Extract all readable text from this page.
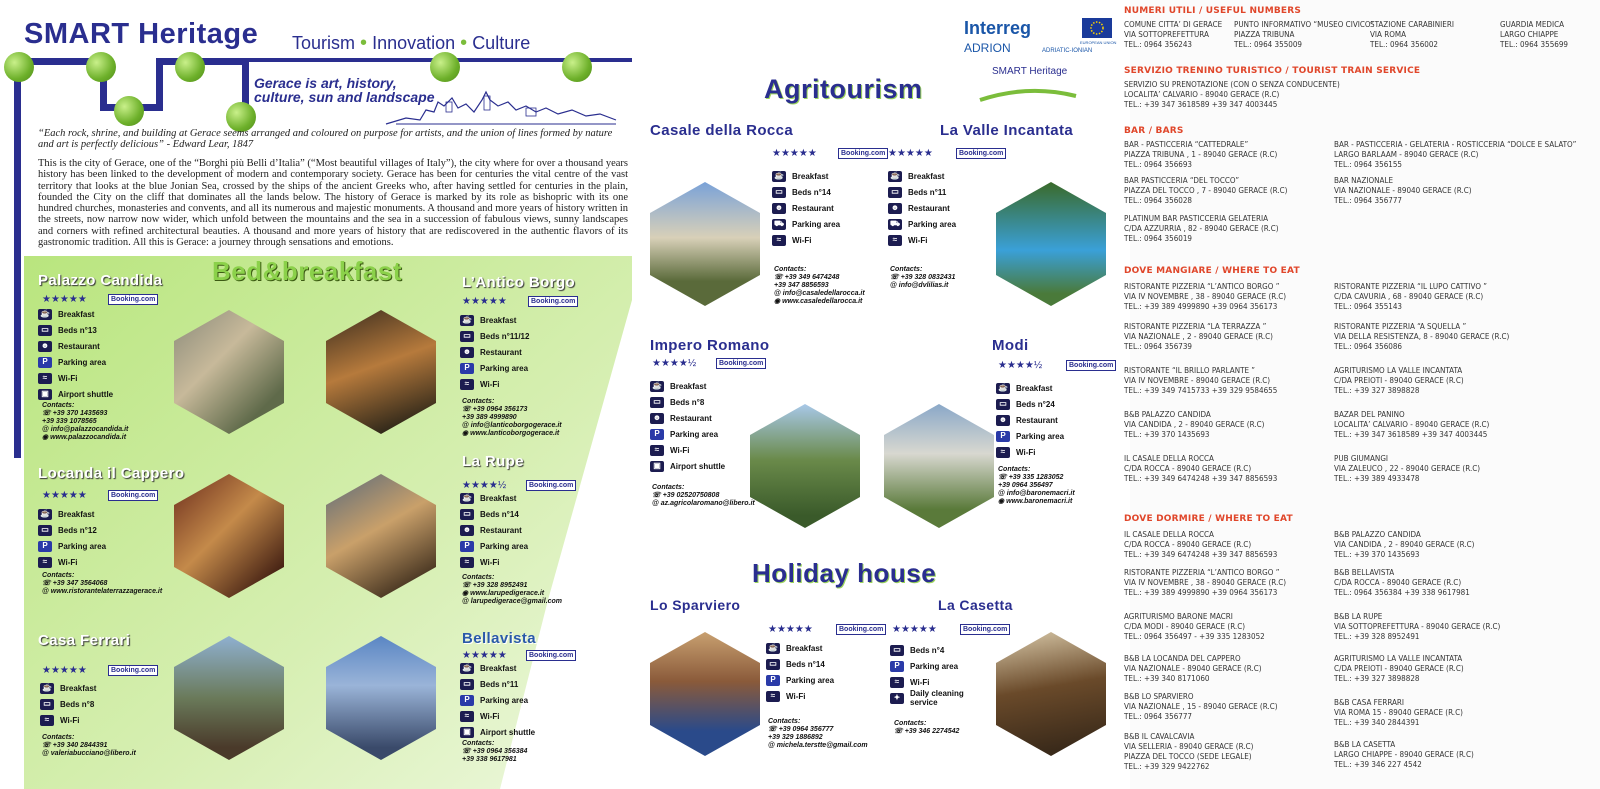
SMART Heritage Tourism • Innovation • Culture
Gerace is art, history, culture, sun and landscape
“Each rock, shrine, and building at Gerace seems arranged and coloured on purpose for artists, and the union of lines formed by nature and art is perfectly delicious” - Edward Lear, 1847
This is the city of Gerace, one of the “Borghi più Belli d’Italia” (“Most beautiful villages of Italy”), the city where for over a thousand years history has been linked to the development of modern and contemporary society. Gerace has been for centuries the vital centre of the vast territory that looks at the blue Jonian Sea, crossed by the ships of the ancient Greeks who, after having settled for centuries in the plain, founded the City on the cliff that dominates all the lands below. The history of Gerace is marked by its role as bishopric with its one hundred churches, monasteries and convents, and all its numerous and majestic monuments. A thousand and more years of history written in the streets, now narrow now wider, which unfold between the mountains and the sea in a succession of fabulous views, sunny landscapes and corners with refined architectural beauties. A thousand and more years of history that are rediscovered in the authentic flavors of its gastronomic tradition. All this is Gerace: a journey through sensations and emotions.
Bed&breakfast
Palazzo Candida
★★★★★	Booking.com
☕ Breakfast
▭	Beds n°13
☻	Restaurant
P	Parking area
≈	Wi-Fi
▣	Airport shuttle
Contacts:
☏ +39 370 1435693
+39 339 1078565
@ info@palazzocandida.it
◉ www.palazzocandida.it
Locanda il Cappero
★★★★★	Booking.com
☕ Breakfast
▭	Beds n°12
P	Parking area
≈	Wi-Fi
Contacts:
☏ +39 347 3564068
@ www.ristorantelaterrazzagerace.it
Casa Ferrari
★★★★★	Booking.com
☕ Breakfast
▭	Beds n°8
≈	Wi-Fi
Contacts:
☏ +39 340 2844391
@ valeriabucciano@libero.it
L’Antico Borgo
★★★★★	Booking.com
☕ Breakfast
▭	Beds n°11/12
☻	Restaurant
P	Parking area
≈	Wi-Fi
Contacts:
☏ +39 0964 356173
+39 389 4999890
@ info@lanticoborgogerace.it
◉ www.lanticoborgogerace.it
La Rupe
★★★★½	Booking.com
☕ Breakfast
▭	Beds n°14
☻	Restaurant
P	Parking area
≈	Wi-Fi
Contacts:
☏ +39 328 8952491
◉ www.larupedigerace.it
@ larupedigerace@gmail.com
Bellavista
★★★★★	Booking.com
☕ Breakfast
▭	Beds n°11
P	Parking area
≈	Wi-Fi
▣	Airport shuttle
Contacts:
☏ +39 0964 356384
+39 338 9617981
Interreg
ADRION	ADRIATIC-IONIAN
EUROPEAN UNION
SMART Heritage
Agritourism
Casale della Rocca
★★★★★	Booking.com
☕ Breakfast
▭	Beds n°14
☻	Restaurant
⛟ Parking area
≈	Wi-Fi
Contacts:
☏ +39 349 6474248
+39 347 8856593
@ info@casaledellarocca.it
◉ www.casaledellarocca.it
La Valle Incantata
★★★★★	Booking.com
☕ Breakfast
▭	Beds n°11
☻	Restaurant
⛟ Parking area
≈	Wi-Fi
Contacts:
☏ +39 328 0832431
@ info@dvlilias.it
Impero Romano
★★★★½	Booking.com
☕ Breakfast
▭	Beds n°8
☻	Restaurant
P	Parking area
≈	Wi-Fi
▣	Airport shuttle
Contacts:
☏ +39 02520750808
@ az.agricolaromano@libero.it
Modi
★★★★½	Booking.com
☕ Breakfast
▭	Beds n°24
☻	Restaurant
P	Parking area
≈	Wi-Fi
Contacts:
☏ +39 335 1283052
+39 0964 356497
@ info@baronemacri.it
◉ www.baronemacri.it
Holiday house
Lo Sparviero
★★★★★	Booking.com
☕ Breakfast
▭	Beds n°14
P	Parking area
≈	Wi-Fi
Contacts:
☏ +39 0964 356777
+39 329 1886892
@ michela.terstte@gmail.com
La Casetta
★★★★★	Booking.com
▭	Beds n°4
P	Parking area
≈	Wi-Fi
✦	Daily cleaning service
Contacts:
☏ +39 346 2274542
NUMERI UTILI / USEFUL NUMBERS
COMUNE CITTA’ DI GERACE
VIA SOTTOPREFETTURA
TEL.: 0964 356243
PUNTO INFORMATIVO “MUSEO CIVICO”
PIAZZA TRIBUNA
TEL.: 0964 355009
STAZIONE CARABINIERI
VIA ROMA
TEL.: 0964 356002
GUARDIA MEDICA
LARGO CHIAPPE
TEL.: 0964 355699
SERVIZIO TRENINO TURISTICO / TOURIST TRAIN SERVICE
SERVIZIO SU PRENOTAZIONE (CON O SENZA CONDUCENTE)
LOCALITA’ CALVARIO - 89040 GERACE (R.C)
TEL.: +39 347 3618589 +39 347 4003445
BAR / BARS
BAR - PASTICCERIA “CATTEDRALE”
PIAZZA TRIBUNA , 1 - 89040 GERACE (R.C)
TEL.: 0964 356693
BAR PASTICCERIA “DEL TOCCO”
PIAZZA DEL TOCCO , 7 - 89040 GERACE (R.C)
TEL.: 0964 356028
PLATINUM BAR PASTICCERIA GELATERIA
C/DA AZZURRIA , 82 - 89040 GERACE (R.C)
TEL.: 0964 356019
BAR - PASTICCERIA - GELATERIA - ROSTICCERIA “DOLCE E SALATO”
LARGO BARLAAM - 89040 GERACE (R.C)
TEL.: 0964 356155
BAR NAZIONALE
VIA NAZIONALE - 89040 GERACE (R.C)
TEL.: 0964 356777
DOVE MANGIARE / WHERE TO EAT
RISTORANTE PIZZERIA “L’ANTICO BORGO ”
VIA IV NOVEMBRE , 38 - 89040 GERACE (R.C)
TEL.: +39 389 4999890 +39 0964 356173
RISTORANTE PIZZERIA “LA TERRAZZA ”
VIA NAZIONALE , 2 - 89040 GERACE (R.C)
TEL.: 0964 356739
RISTORANTE “IL BRILLO PARLANTE ”
VIA IV NOVEMBRE - 89040 GERACE (R.C)
TEL.: +39 349 7415733 +39 329 9584655
B&B PALAZZO CANDIDA
VIA CANDIDA , 2 - 89040 GERACE (R.C)
TEL.: +39 370 1435693
IL CASALE DELLA ROCCA
C/DA ROCCA - 89040 GERACE (R.C)
TEL.: +39 349 6474248 +39 347 8856593
RISTORANTE PIZZERIA “IL LUPO CATTIVO ”
C/DA CAVURIA , 68 - 89040 GERACE (R.C)
TEL.: 0964 355143
RISTORANTE PIZZERIA “A SQUELLA ”
VIA DELLA RESISTENZA, 8 - 89040 GERACE (R.C)
TEL.: 0964 356086
AGRITURISMO LA VALLE INCANTATA
C/DA PREIOTI - 89040 GERACE (R.C)
TEL.: +39 327 3898828
BAZAR DEL PANINO
LOCALITA’ CALVARIO - 89040 GERACE (R.C)
TEL.: +39 347 3618589 +39 347 4003445
PUB GIUMANGI
VIA ZALEUCO , 22 - 89040 GERACE (R.C)
TEL.: +39 389 4933478
DOVE DORMIRE / WHERE TO EAT
IL CASALE DELLA ROCCA
C/DA ROCCA - 89040 GERACE (R.C)
TEL.: +39 349 6474248 +39 347 8856593
RISTORANTE PIZZERIA “L’ANTICO BORGO ”
VIA IV NOVEMBRE , 38 - 89040 GERACE (R.C)
TEL.: +39 389 4999890 +39 0964 356173
AGRITURISMO BARONE MACRI
C/DA MODI - 89040 GERACE (R.C)
TEL.: 0964 356497 - +39 335 1283052
B&B LA LOCANDA DEL CAPPERO
VIA NAZIONALE - 89040 GERACE (R.C)
TEL.: +39 340 8171060
B&B LO SPARVIERO
VIA NAZIONALE , 15 - 89040 GERACE (R.C)
TEL.: 0964 356777
B&B IL CAVALCAVIA
VIA SELLERIA - 89040 GERACE (R.C)
PIAZZA DEL TOCCO (SEDE LEGALE)
TEL.: +39 329 9422762
B&B PALAZZO CANDIDA
VIA CANDIDA , 2 - 89040 GERACE (R.C)
TEL.: +39 370 1435693
B&B BELLAVISTA
C/DA ROCCA - 89040 GERACE (R.C)
TEL.: 0964 356384 +39 338 9617981
B&B LA RUPE
VIA SOTTOPREFETTURA - 89040 GERACE (R.C)
TEL.: +39 328 8952491
AGRITURISMO LA VALLE INCANTATA
C/DA PREIOTI - 89040 GERACE (R.C)
TEL.: +39 327 3898828
B&B CASA FERRARI
VIA ROMA 15 - 89040 GERACE (R.C)
TEL.: +39 340 2844391
B&B LA CASETTA
LARGO CHIAPPE - 89040 GERACE (R.C)
TEL.: +39 346 227 4542
